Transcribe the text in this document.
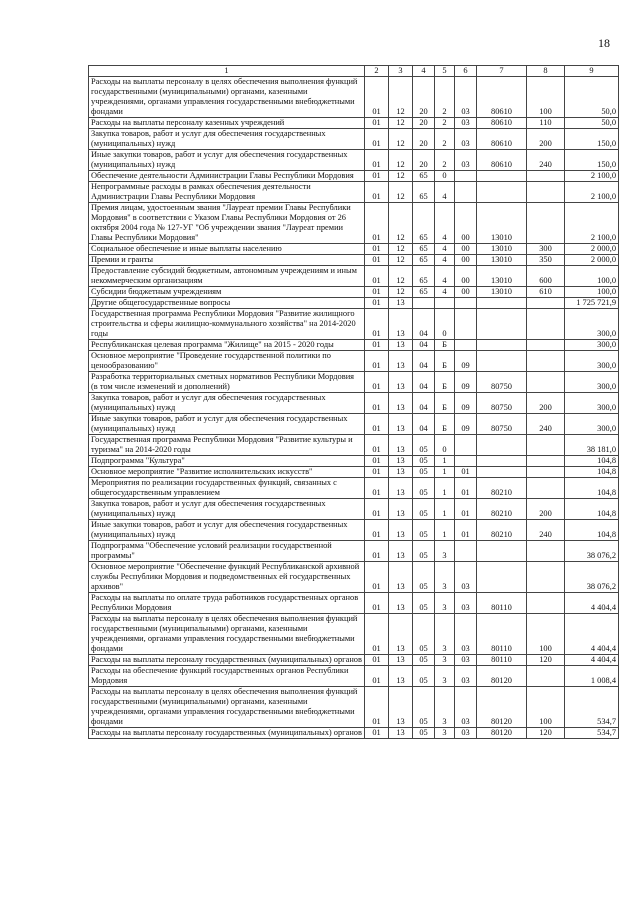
18
1	2	3	4	5	6	7	8	9
Расходы на выплаты персоналу в целях обеспечения выполнения функций государственными (муниципальными) органами, казенными учреждениями, органами управления государственными внебюджетными фондами	01	12	20	2	03	80610	100	50,0
Расходы на выплаты персоналу казенных учреждений	01	12	20	2	03	80610	110	50,0
Закупка товаров, работ и услуг для обеспечения государственных (муниципальных) нужд	01	12	20	2	03	80610	200	150,0
Иные закупки товаров, работ и услуг для обеспечения государственных (муниципальных) нужд	01	12	20	2	03	80610	240	150,0
Обеспечение деятельности Администрации Главы Республики Мордовия	01	12	65	0				2 100,0
Непрограммные расходы в рамках обеспечения деятельности Администрации Главы Республики Мордовия	01	12	65	4				2 100,0
Премия лицам, удостоенным звания "Лауреат премии Главы Республики Мордовия" в соответствии с Указом Главы Республики Мордовия от 26 октября 2004 года № 127-УГ "Об учреждении звания "Лауреат премии Главы Республики Мордовия"	01	12	65	4	00	13010		2 100,0
Социальное обеспечение и иные выплаты населению	01	12	65	4	00	13010	300	2 000,0
Премии и гранты	01	12	65	4	00	13010	350	2 000,0
Предоставление субсидий бюджетным, автономным учреждениям и иным некоммерческим организациям	01	12	65	4	00	13010	600	100,0
Субсидии бюджетным учреждениям	01	12	65	4	00	13010	610	100,0
Другие общегосударственные вопросы	01	13						1 725 721,9
Государственная программа Республики Мордовия "Развитие жилищного строительства и сферы жилищно-коммунального хозяйства" на 2014-2020 годы	01	13	04	0				300,0
Республиканская целевая программа "Жилище" на 2015 - 2020 годы	01	13	04	Б				300,0
Основное мероприятие "Проведение государственной политики по ценообразованию"	01	13	04	Б	09			300,0
Разработка территориальных сметных нормативов Республики Мордовия (в том числе изменений и дополнений)	01	13	04	Б	09	80750		300,0
Закупка товаров, работ и услуг для обеспечения государственных (муниципальных) нужд	01	13	04	Б	09	80750	200	300,0
Иные закупки товаров, работ и услуг для обеспечения государственных (муниципальных) нужд	01	13	04	Б	09	80750	240	300,0
Государственная программа Республики Мордовия "Развитие культуры и туризма" на 2014-2020 годы	01	13	05	0				38 181,0
Подпрограмма "Культура"	01	13	05	1				104,8
Основное мероприятие "Развитие исполнительских искусств"	01	13	05	1	01			104,8
Мероприятия по реализации государственных функций, связанных с общегосударственным управлением	01	13	05	1	01	80210		104,8
Закупка товаров, работ и услуг для обеспечения государственных (муниципальных) нужд	01	13	05	1	01	80210	200	104,8
Иные закупки товаров, работ и услуг для обеспечения государственных (муниципальных) нужд	01	13	05	1	01	80210	240	104,8
Подпрограмма "Обеспечение условий реализации государственной программы"	01	13	05	3				38 076,2
Основное мероприятие "Обеспечение функций Республиканской архивной службы Республики Мордовия и подведомственных ей государственных архивов"	01	13	05	3	03			38 076,2
Расходы на выплаты по оплате труда работников государственных органов Республики Мордовия	01	13	05	3	03	80110		4 404,4
Расходы на выплаты персоналу в целях обеспечения выполнения функций государственными (муниципальными) органами, казенными учреждениями, органами управления государственными внебюджетными фондами	01	13	05	3	03	80110	100	4 404,4
Расходы на выплаты персоналу государственных (муниципальных) органов	01	13	05	3	03	80110	120	4 404,4
Расходы на обеспечение функций государственных органов Республики Мордовия	01	13	05	3	03	80120		1 008,4
Расходы на выплаты персоналу в целях обеспечения выполнения функций государственными (муниципальными) органами, казенными учреждениями, органами управления государственными внебюджетными фондами	01	13	05	3	03	80120	100	534,7
Расходы на выплаты персоналу государственных (муниципальных) органов	01	13	05	3	03	80120	120	534,7
